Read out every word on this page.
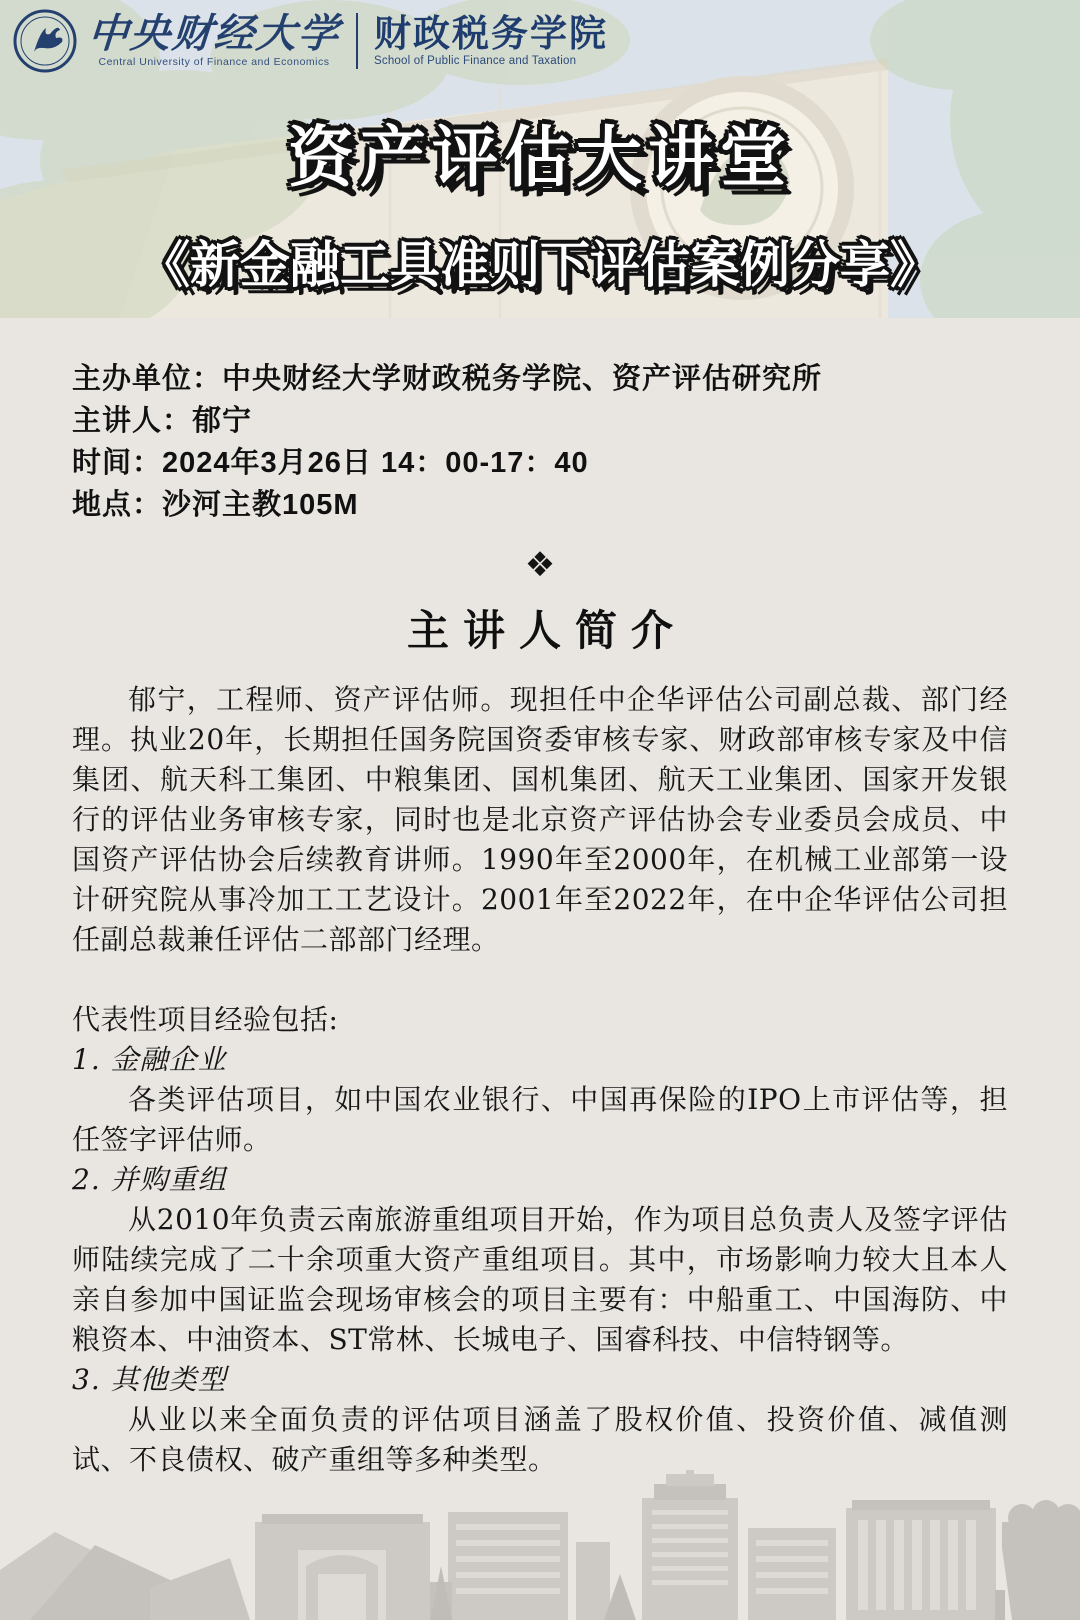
中央财经大学
Central University of Finance and Economics
财政税务学院
School of Public Finance and Taxation
资产评估大讲堂
《新金融工具准则下评估案例分享》
主办单位：中央财经大学财政税务学院、资产评估研究所
主讲人：郁宁
时间：2024年3月26日 14：00-17：40
地点：沙河主教105M
❖
主讲人简介

郁宁，工程师、资产评估师。现担任中企华评估公司副总裁、部门经理。执业20年，长期担任国务院国资委审核专家、财政部审核专家及中信集团、航天科工集团、中粮集团、国机集团、航天工业集团、国家开发银行的评估业务审核专家，同时也是北京资产评估协会专业委员会成员、中国资产评估协会后续教育讲师。1990年至2000年，在机械工业部第一设计研究院从事冷加工工艺设计。2001年至2022年，在中企华评估公司担任副总裁兼任评估二部部门经理。

代表性项目经验包括:
1. 金融企业
各类评估项目，如中国农业银行、中国再保险的IPO上市评估等，担任签字评估师。
2. 并购重组
从2010年负责云南旅游重组项目开始，作为项目总负责人及签字评估师陆续完成了二十余项重大资产重组项目。其中，市场影响力较大且本人亲自参加中国证监会现场审核会的项目主要有：中船重工、中国海防、中粮资本、中油资本、ST常林、长城电子、国睿科技、中信特钢等。
3. 其他类型
从业以来全面负责的评估项目涵盖了股权价值、投资价值、减值测试、不良债权、破产重组等多种类型。
